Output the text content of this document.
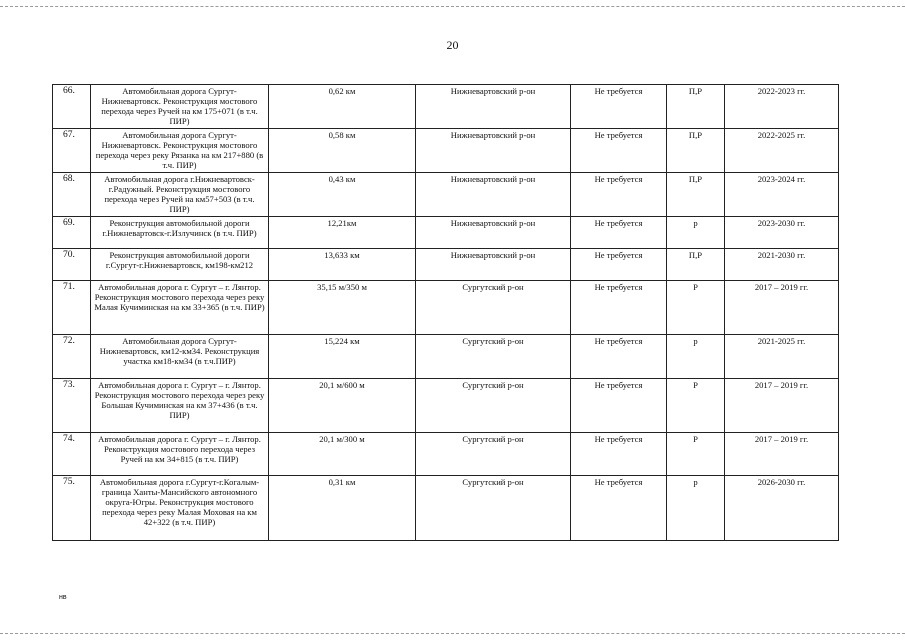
20
66.	Автомобильная дорога Сургут-Нижневартовск. Реконструкция мостового перехода через Ручей на км 175+071 (в т.ч. ПИР)	0,62 км	Нижневартовский р-он	Не требуется	П,Р	2022-2023 гг.
67.	Автомобильная дорога Сургут-Нижневартовск. Реконструкция мостового перехода через реку Рязанка на км 217+880 (в т.ч. ПИР)	0,58 км	Нижневартовский р-он	Не требуется	П,Р	2022-2025 гг.
68.	Автомобильная дорога г.Нижневартовск-г.Радужный. Реконструкция мостового перехода через Ручей на км57+503 (в т.ч. ПИР)	0,43 км	Нижневартовский р-он	Не требуется	П,Р	2023-2024 гг.
69.	Реконструкция автомобильной дороги г.Нижневартовск-г.Излучинск (в т.ч. ПИР)	12,21км	Нижневартовский р-он	Не требуется	р	2023-2030 гг.
70.	Реконструкция автомобильной дороги г.Сургут-г.Нижневартовск, км198-км212	13,633 км	Нижневартовский р-он	Не требуется	П,Р	2021-2030 гг.
71.	Автомобильная дорога г. Сургут – г. Лянтор. Реконструкция мостового перехода через реку Малая Кучиминская на км 33+365 (в т.ч. ПИР)	35,15 м/350 м	Сургутский р-он	Не требуется	Р	2017 – 2019 гг.
72.	Автомобильная дорога Сургут-Нижневартовск, км12-км34. Реконструкция участка км18-км34 (в т.ч.ПИР)	15,224 км	Сургутский р-он	Не требуется	р	2021-2025 гг.
73.	Автомобильная дорога г. Сургут – г. Лянтор. Реконструкция мостового перехода через реку Большая Кучиминская на км 37+436 (в т.ч. ПИР)	20,1 м/600 м	Сургутский р-он	Не требуется	Р	2017 – 2019 гг.
74.	Автомобильная дорога г. Сургут – г. Лянтор. Реконструкция мостового перехода через Ручей на км 34+815 (в т.ч. ПИР)	20,1 м/300 м	Сургутский р-он	Не требуется	Р	2017 – 2019 гг.
75.	Автомобильная дорога г.Сургут-г.Когалым-граница Ханты-Мансийского автономного округа-Югры. Реконструкция мостового перехода через реку Малая Моховая на км 42+322 (в т.ч. ПИР)	0,31 км	Сургутский р-он	Не требуется	р	2026-2030 гг.
нв
